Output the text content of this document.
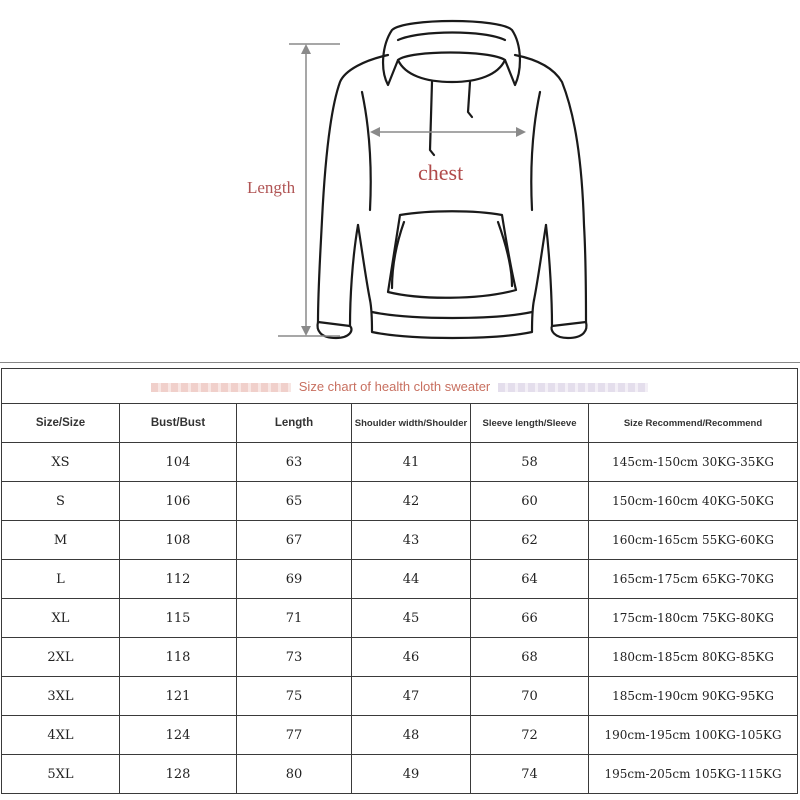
Length
chest
Size chart of health cloth sweater					
Size/Size	Bust/Bust	Length	Shoulder width/Shoulder	Sleeve length/Sleeve	Size Recommend/Recommend
XS	104	63	41	58	145cm-150cm 30KG-35KG
S	106	65	42	60	150cm-160cm 40KG-50KG
M	108	67	43	62	160cm-165cm 55KG-60KG
L	112	69	44	64	165cm-175cm 65KG-70KG
XL	115	71	45	66	175cm-180cm 75KG-80KG
2XL	118	73	46	68	180cm-185cm 80KG-85KG
3XL	121	75	47	70	185cm-190cm 90KG-95KG
4XL	124	77	48	72	190cm-195cm 100KG-105KG
5XL	128	80	49	74	195cm-205cm 105KG-115KG
